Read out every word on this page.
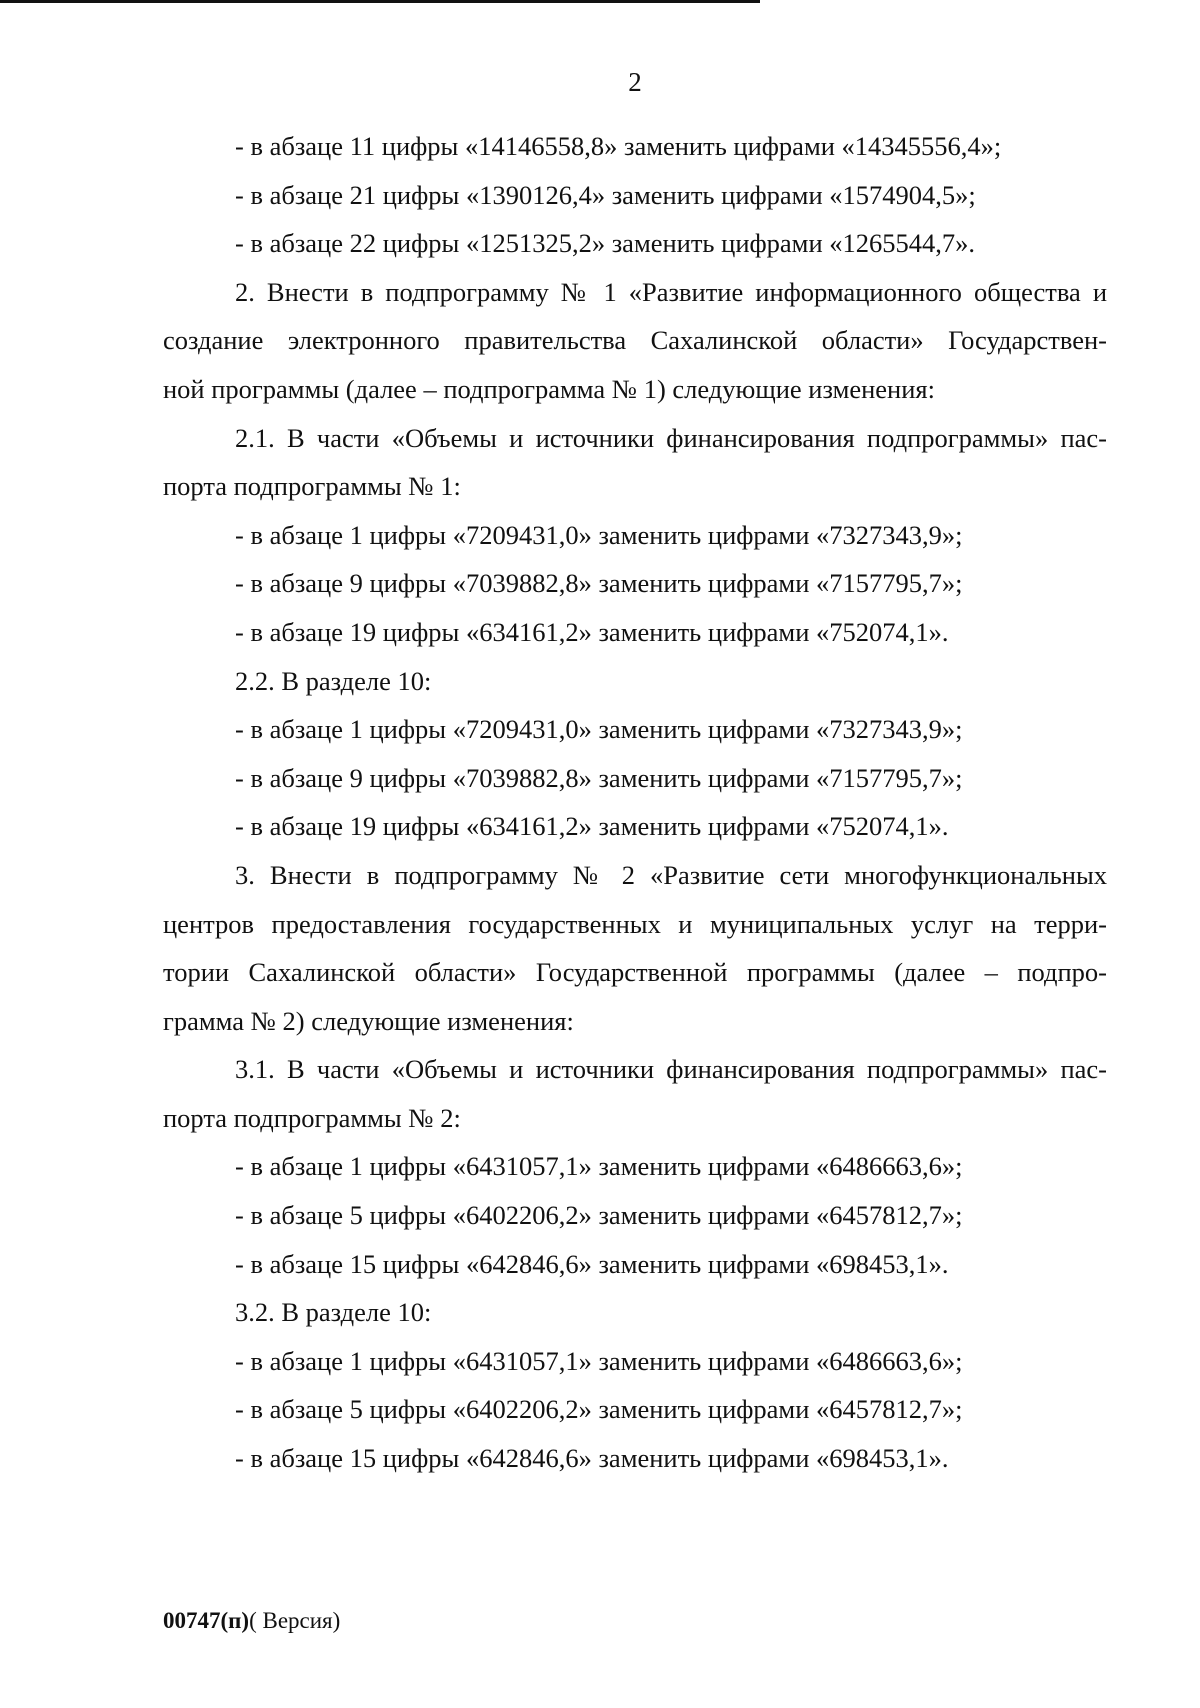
2
- в абзаце 11 цифры «14146558,8» заменить цифрами «14345556,4»;
- в абзаце 21 цифры «1390126,4» заменить цифрами «1574904,5»;
- в абзаце 22 цифры «1251325,2» заменить цифрами «1265544,7».
2. Внести в подпрограмму № 1 «Развитие информационного общества и
создание электронного правительства Сахалинской области» Государствен-
ной программы (далее – подпрограмма № 1) следующие изменения:
2.1. В части «Объемы и источники финансирования подпрограммы» пас-
порта подпрограммы № 1:
- в абзаце 1 цифры «7209431,0» заменить цифрами «7327343,9»;
- в абзаце 9 цифры «7039882,8» заменить цифрами «7157795,7»;
- в абзаце 19 цифры «634161,2» заменить цифрами «752074,1».
2.2. В разделе 10:
- в абзаце 1 цифры «7209431,0» заменить цифрами «7327343,9»;
- в абзаце 9 цифры «7039882,8» заменить цифрами «7157795,7»;
- в абзаце 19 цифры «634161,2» заменить цифрами «752074,1».
3. Внести в подпрограмму № 2 «Развитие сети многофункциональных
центров предоставления государственных и муниципальных услуг на терри-
тории Сахалинской области» Государственной программы (далее – подпро-
грамма № 2) следующие изменения:
3.1. В части «Объемы и источники финансирования подпрограммы» пас-
порта подпрограммы № 2:
- в абзаце 1 цифры «6431057,1» заменить цифрами «6486663,6»;
- в абзаце 5 цифры «6402206,2» заменить цифрами «6457812,7»;
- в абзаце 15 цифры «642846,6» заменить цифрами «698453,1».
3.2. В разделе 10:
- в абзаце 1 цифры «6431057,1» заменить цифрами «6486663,6»;
- в абзаце 5 цифры «6402206,2» заменить цифрами «6457812,7»;
- в абзаце 15 цифры «642846,6» заменить цифрами «698453,1».
00747(п)( Версия)
